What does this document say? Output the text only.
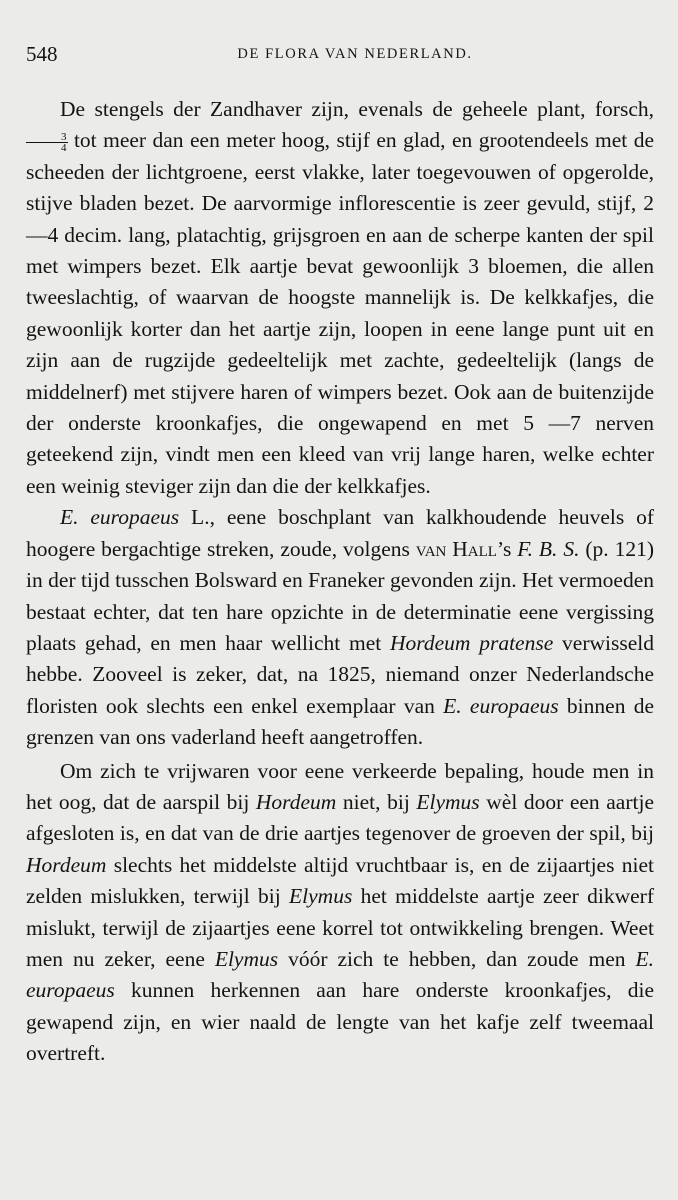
548	DE FLORA VAN NEDERLAND.

De stengels der Zandhaver zijn, evenals de geheele plant, forsch,
$\frac{3}{4}$ tot meer dan een meter hoog, stijf en glad, en grootendeels met de scheeden der lichtgroene, eerst vlakke, later toegevouwen of opgerolde, stijve bladen bezet. De aarvormige inflorescentie is zeer gevuld, stijf, 2—4 decim. lang, platachtig, grijsgroen en aan de scherpe kanten der spil met wimpers bezet. Elk aartje bevat gewoonlijk 3 bloemen, die allen tweeslachtig, of waarvan de hoogste mannelijk is. De kelkkafjes, die gewoonlijk korter dan het aartje zijn, loopen in eene lange punt uit en zijn aan de rugzijde gedeeltelijk met zachte, gedeeltelijk (langs de middelnerf) met stijvere haren of wimpers bezet. Ook aan de buitenzijde der onderste kroonkafjes, die ongewapend en met 5 —7 nerven geteekend zijn, vindt men een kleed van vrij lange haren, welke echter een weinig steviger zijn dan die der kelkkafjes.

E. europaeus L., eene boschplant van kalkhoudende heuvels of hoogere bergachtige streken, zoude, volgens van Hall’s F. B. S. (p. 121) in der tijd tusschen Bolsward en Franeker gevonden zijn. Het vermoeden bestaat echter, dat ten hare opzichte in de determinatie eene vergissing plaats gehad, en men haar wellicht met Hordeum pratense verwisseld hebbe. Zooveel is zeker, dat, na 1825, niemand onzer Nederlandsche floristen ook slechts een enkel exemplaar van E. europaeus binnen de grenzen van ons vaderland heeft aangetroffen.

Om zich te vrijwaren voor eene verkeerde bepaling, houde men in het oog, dat de aarspil bij Hordeum niet, bij Elymus wèl door een aartje afgesloten is, en dat van de drie aartjes tegenover de groeven der spil, bij Hordeum slechts het middelste altijd vruchtbaar is, en de zijaartjes niet zelden mislukken, terwijl bij Elymus het middelste aartje zeer dikwerf mislukt, terwijl de zijaartjes eene korrel tot ontwikkeling brengen. Weet men nu zeker, eene Elymus vóór zich te hebben, dan zoude men E. europaeus kunnen herkennen aan hare onderste kroonkafjes, die gewapend zijn, en wier naald de lengte van het kafje zelf tweemaal overtreft.
